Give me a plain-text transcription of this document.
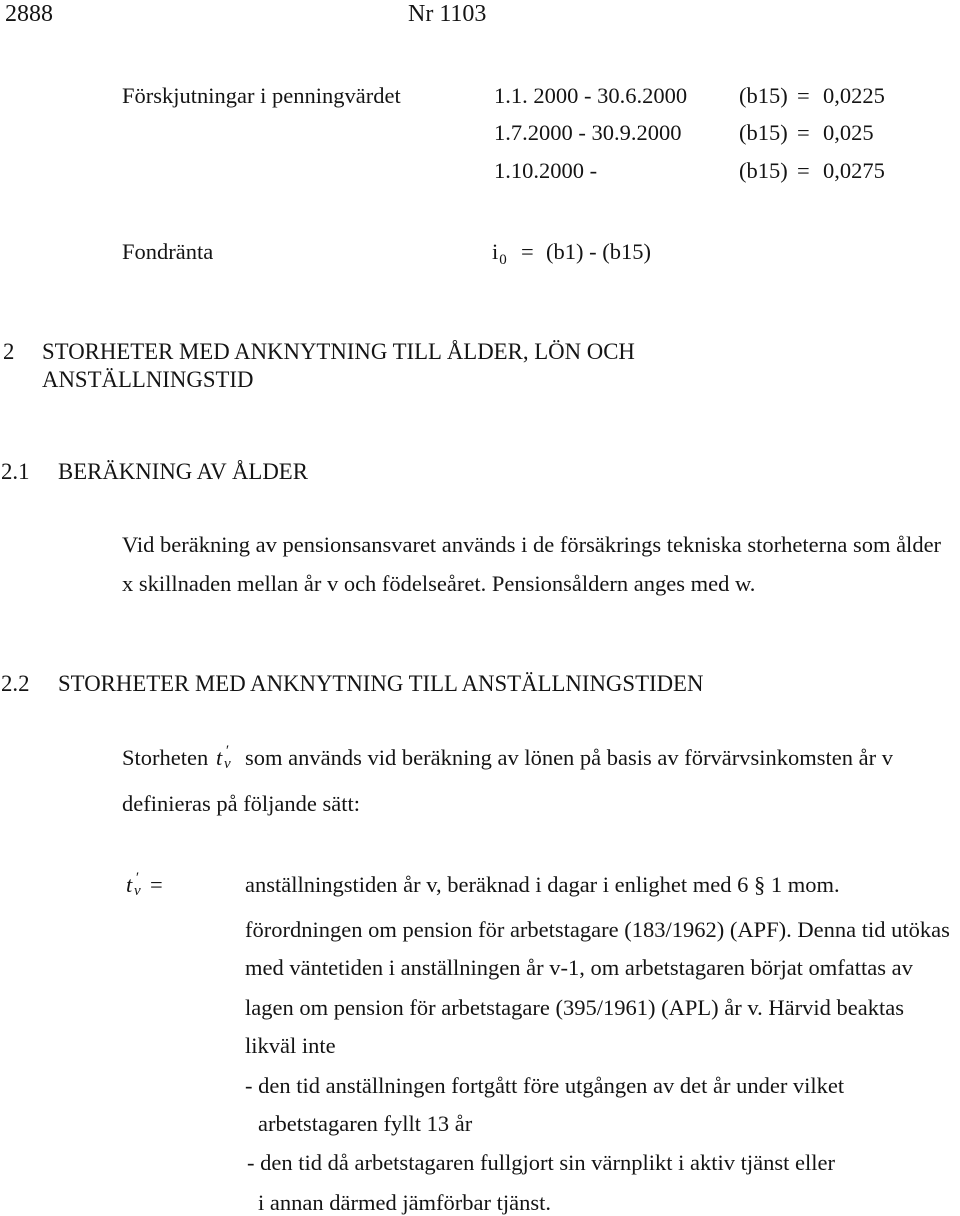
2888	Nr 1103
Förskjutningar i penningvärdet	1.1. 2000 - 30.6.2000 (b15) = 0,0225
1.7.2000 - 30.9.2000	(b15) = 0,025
1.10.2000 -	(b15) = 0,0275
Fondränta	$i_0 = (b1) - (b15)$
2 STORHETER MED ANKNYTNING TILL ÅLDER, LÖN OCH
ANSTÄLLNINGSTID
2.1 BERÄKNING AV ÅLDER
Vid beräkning av pensionsansvaret används i de försäkrings tekniska storheterna som ålder
x skillnaden mellan år v och födelseåret. Pensionsåldern anges med w.
2.2 STORHETER MED ANKNYTNING TILL ANSTÄLLNINGSTIDEN
Storheten t ′
v som används vid beräkning av lönen på basis av förvärvsinkomsten år v
definieras på följande sätt:
t ′
v =	anställningstiden år v, beräknad i dagar i enlighet med 6 § 1 mom.
förordningen om pension för arbetstagare (183/1962) (APF). Denna tid utökas
med väntetiden i anställningen år v-1, om arbetstagaren börjat omfattas av
lagen om pension för arbetstagare (395/1961) (APL) år v. Härvid beaktas
likväl inte
- den tid anställningen fortgått före utgången av det år under vilket
arbetstagaren fyllt 13 år
- den tid då arbetstagaren fullgjort sin värnplikt i aktiv tjänst eller
i annan därmed jämförbar tjänst.
